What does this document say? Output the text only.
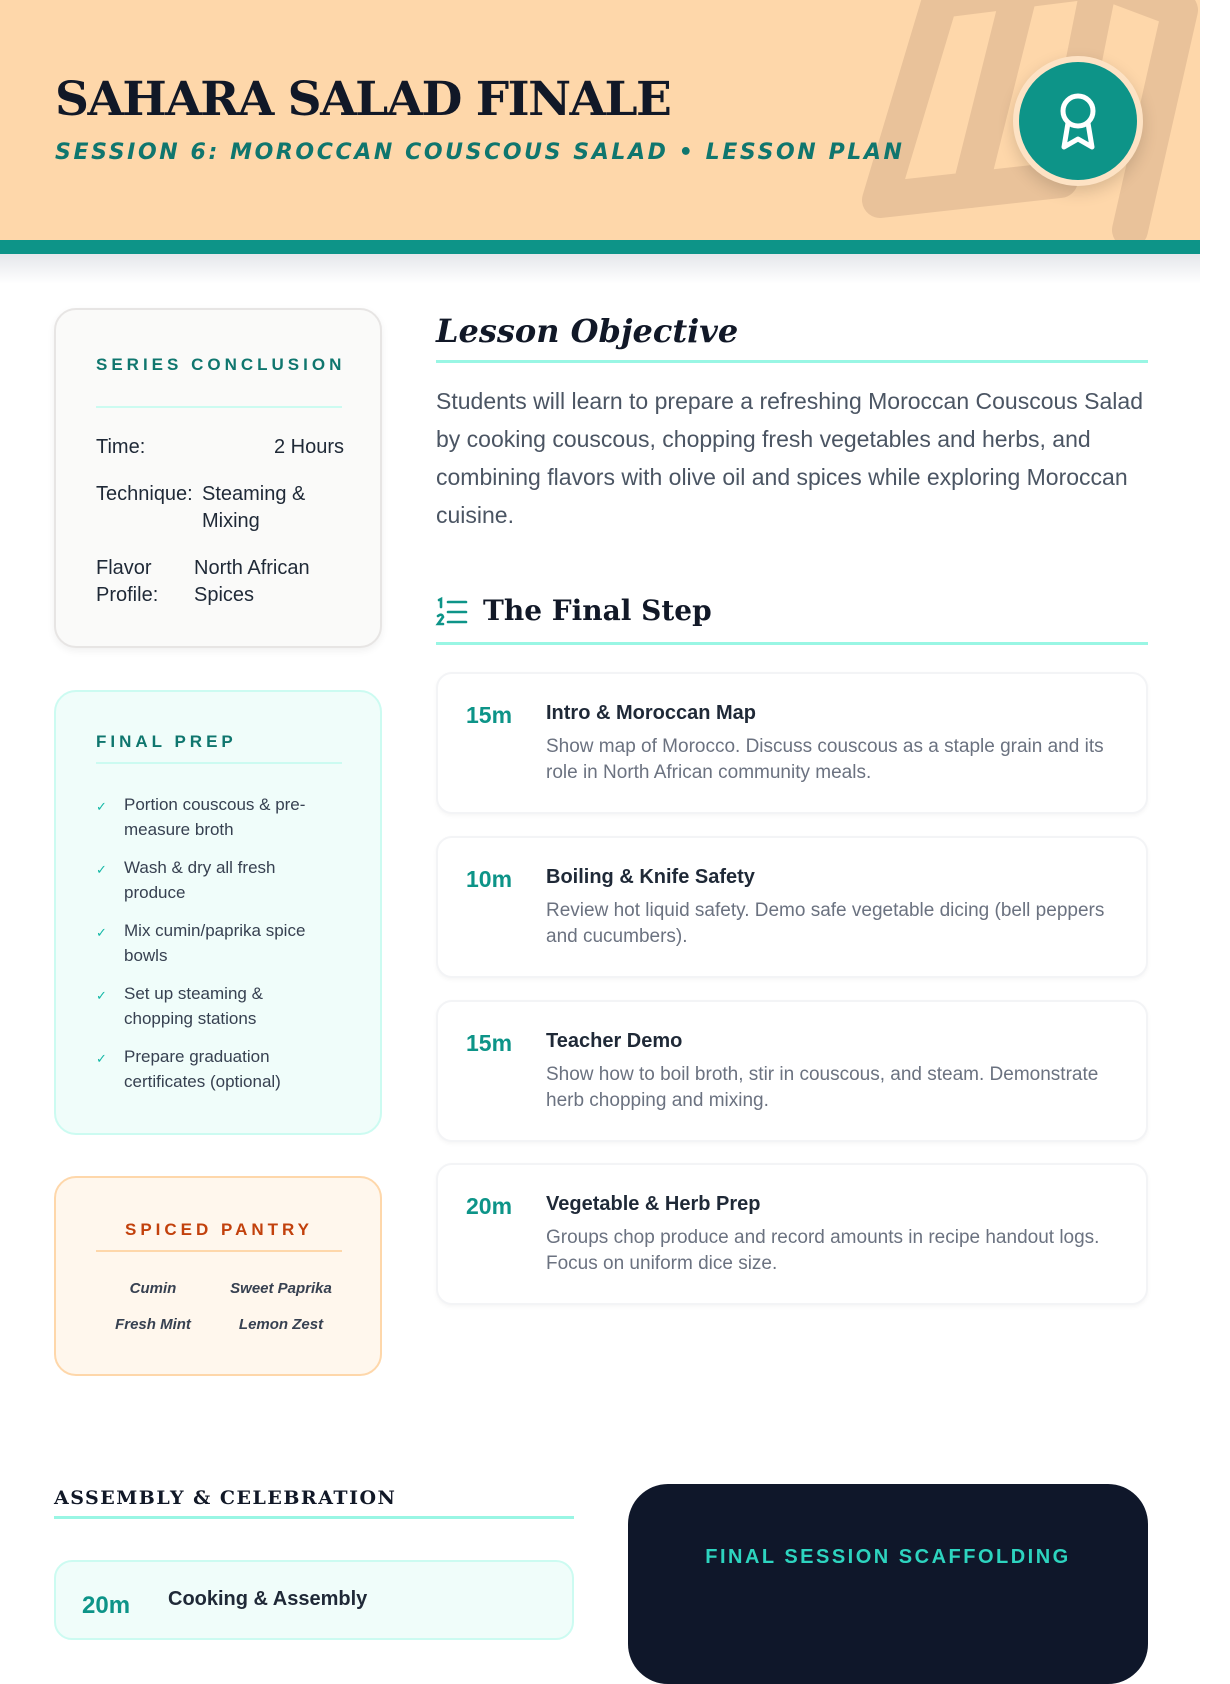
SAHARA SALAD FINALE
SESSION 6: MOROCCAN COUSCOUS SALAD • LESSON PLAN
SERIES CONCLUSION
Time:	2 Hours
Technique: Steaming & Mixing
Flavor Profile:
North African Spices
FINAL PREP
✓	Portion couscous & pre-measure broth
✓	Wash & dry all fresh produce
✓	Mix cumin/paprika spice bowls
✓	Set up steaming & chopping stations
✓	Prepare graduation certificates (optional)
SPICED PANTRY
Cumin	Sweet Paprika
Fresh Mint	Lemon Zest
Lesson Objective
Students will learn to prepare a refreshing Moroccan Couscous Salad by cooking couscous, chopping fresh vegetables and herbs, and combining flavors with olive oil and spices while exploring Moroccan cuisine.
The Final Step
15m Intro & Moroccan Map
Show map of Morocco. Discuss couscous as a staple grain and its role in North African community meals.
10m Boiling & Knife Safety
Review hot liquid safety. Demo safe vegetable dicing (bell peppers and cucumbers).
15m Teacher Demo
Show how to boil broth, stir in couscous, and steam. Demonstrate herb chopping and mixing.
20m Vegetable & Herb Prep
Groups chop produce and record amounts in recipe handout logs. Focus on uniform dice size.
ASSEMBLY & CELEBRATION
20m Cooking & Assembly
FINAL SESSION SCAFFOLDING
